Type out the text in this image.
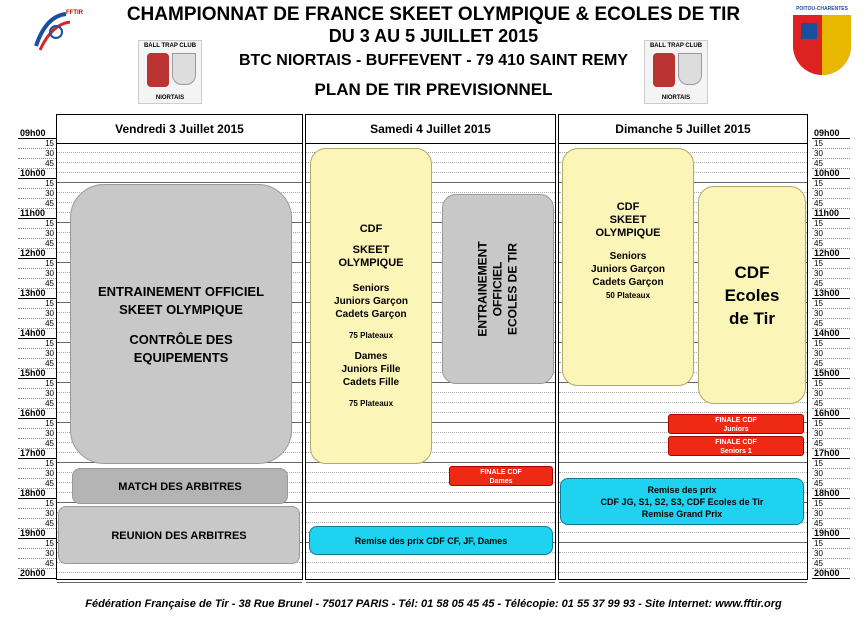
FFTIR
BALL TRAP CLUB
NIORTAIS
BALL TRAP CLUB
NIORTAIS
POITOU-CHARENTES
CHAMPIONNAT DE FRANCE SKEET OLYMPIQUE & ECOLES DE TIR
DU 3 AU 5 JUILLET 2015
BTC NIORTAIS - BUFFEVENT - 79 410 SAINT REMY
PLAN DE TIR PREVISIONNEL
09h00
15
30
45
10h00
15
30
45
11h00
15
30
45
12h00
15
30
45
13h00
15
30
45
14h00
15
30
45
15h00
15
30
45
16h00
15
30
45
17h00
15
30
45
18h00
15
30
45
19h00
15
30
45
20h00
09h00
15
30
45
10h00
15
30
45
11h00
15
30
45
12h00
15
30
45
13h00
15
30
45
14h00
15
30
45
15h00
15
30
45
16h00
15
30
45
17h00
15
30
45
18h00
15
30
45
19h00
15
30
45
20h00
Vendredi 3 Juillet 2015	Samedi 4 Juillet 2015	Dimanche 5 Juillet 2015
ENTRAINEMENT OFFICIEL
SKEET OLYMPIQUE
CONTRÔLE DES
EQUIPEMENTS
MATCH DES ARBITRES
REUNION DES ARBITRES
CDF
SKEET
OLYMPIQUE
Seniors
Juniors Garçon
Cadets Garçon
75 Plateaux
Dames
Juniors Fille
Cadets Fille
75 Plateaux
ENTRAINEMENT OFFICIEL ECOLES DE TIR
FINALE CDF
Dames
Remise des prix CDF CF, JF, Dames
CDF
SKEET
OLYMPIQUE
Seniors
Juniors Garçon
Cadets Garçon
50 Plateaux
CDF
Ecoles
de Tir
FINALE CDF
Juniors
FINALE CDF
Seniors 1
Remise des prix
CDF JG, S1, S2, S3, CDF Ecoles de Tir
Remise Grand Prix
Fédération Française de Tir - 38 Rue Brunel - 75017 PARIS - Tél: 01 58 05 45 45 - Télécopie: 01 55 37 99 93 - Site Internet: www.fftir.org
